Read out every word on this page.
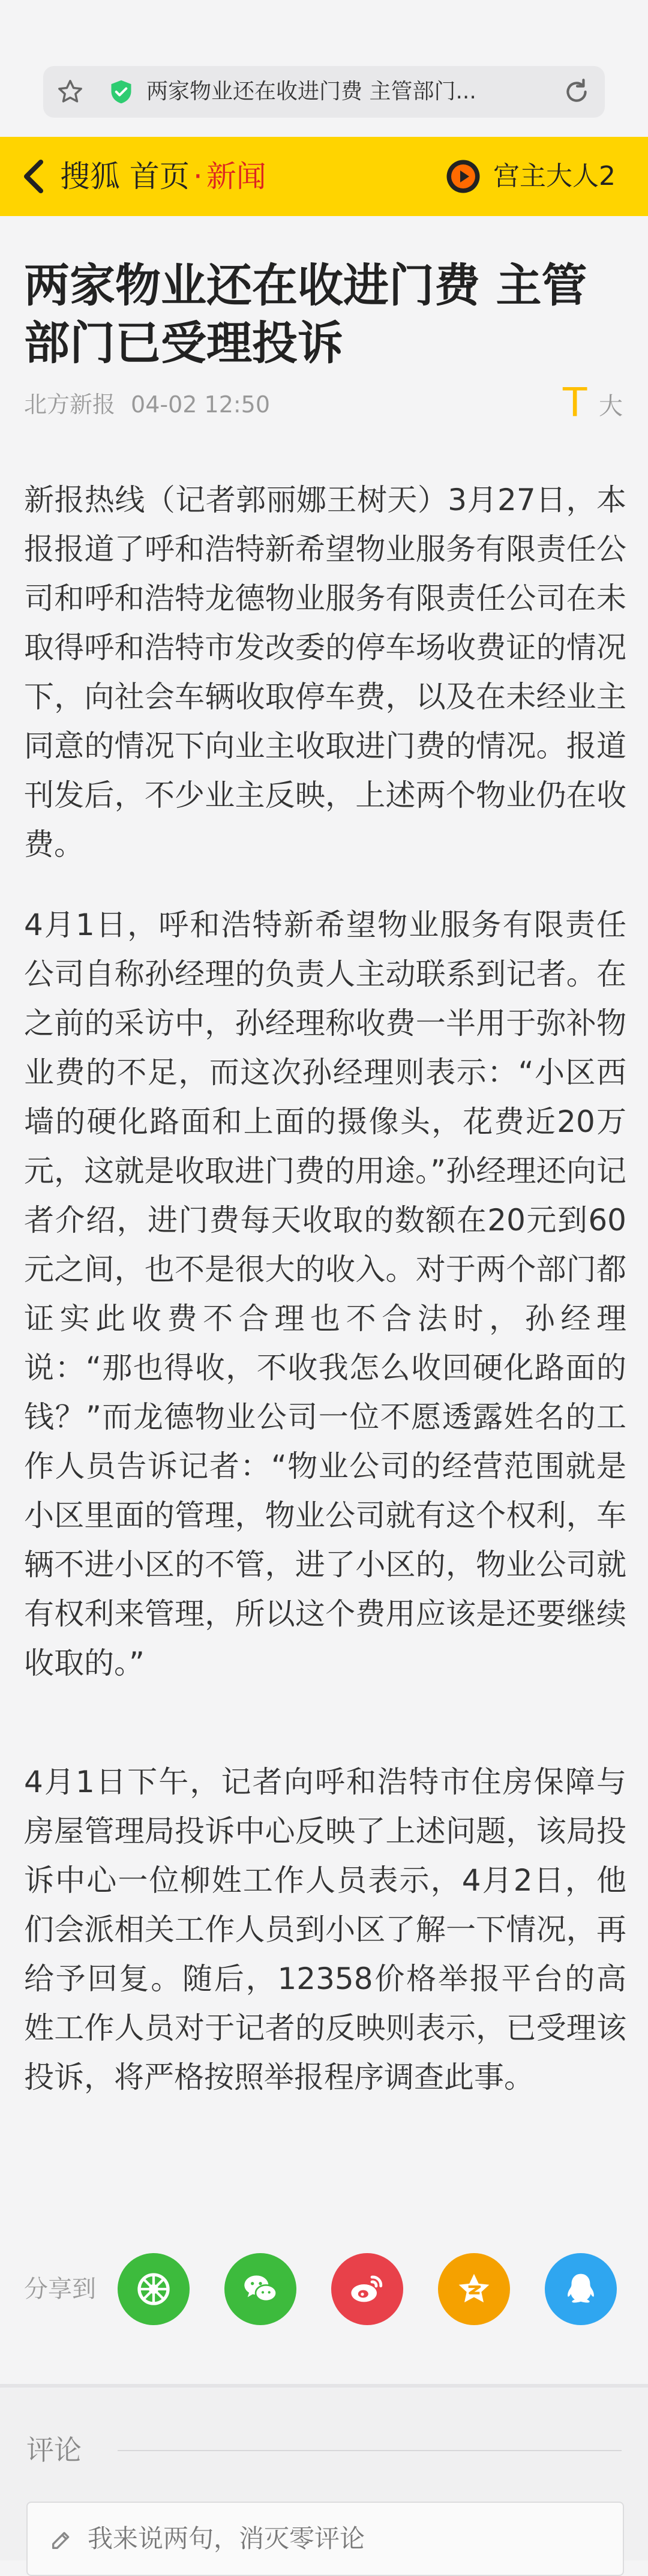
两家物业还在收进门费 主管部门...
搜狐 首页 · 新闻	宫主大人2
两家物业还在收进门费 主管部门已受理投诉
北方新报 04-02 12:50	T 大

新报热线（记者郭丽娜王树天）3月27日，本报报道了呼和浩特新希望物业服务有限责任公司和呼和浩特龙德物业服务有限责任公司在未取得呼和浩特市发改委的停车场收费证的情况下，向社会车辆收取停车费，以及在未经业主同意的情况下向业主收取进门费的情况。报道刊发后，不少业主反映，上述两个物业仍在收费。

4月1日，呼和浩特新希望物业服务有限责任公司自称孙经理的负责人主动联系到记者。在之前的采访中，孙经理称收费一半用于弥补物业费的不足，而这次孙经理则表示：“小区西墙的硬化路面和上面的摄像头，花费近20万元，这就是收取进门费的用途。”孙经理还向记者介绍，进门费每天收取的数额在20元到60元之间，也不是很大的收入。对于两个部门都证实此收费不合理也不合法时，孙经理说：“那也得收，不收我怎么收回硬化路面的钱？”而龙德物业公司一位不愿透露姓名的工作人员告诉记者：“物业公司的经营范围就是小区里面的管理，物业公司就有这个权利，车辆不进小区的不管，进了小区的，物业公司就有权利来管理，所以这个费用应该是还要继续收取的。”

4月1日下午，记者向呼和浩特市住房保障与房屋管理局投诉中心反映了上述问题，该局投诉中心一位柳姓工作人员表示，4月2日，他们会派相关工作人员到小区了解一下情况，再给予回复。随后，12358价格举报平台的高姓工作人员对于记者的反映则表示，已受理该投诉，将严格按照举报程序调查此事。

分享到
评论
我来说两句，消灭零评论
